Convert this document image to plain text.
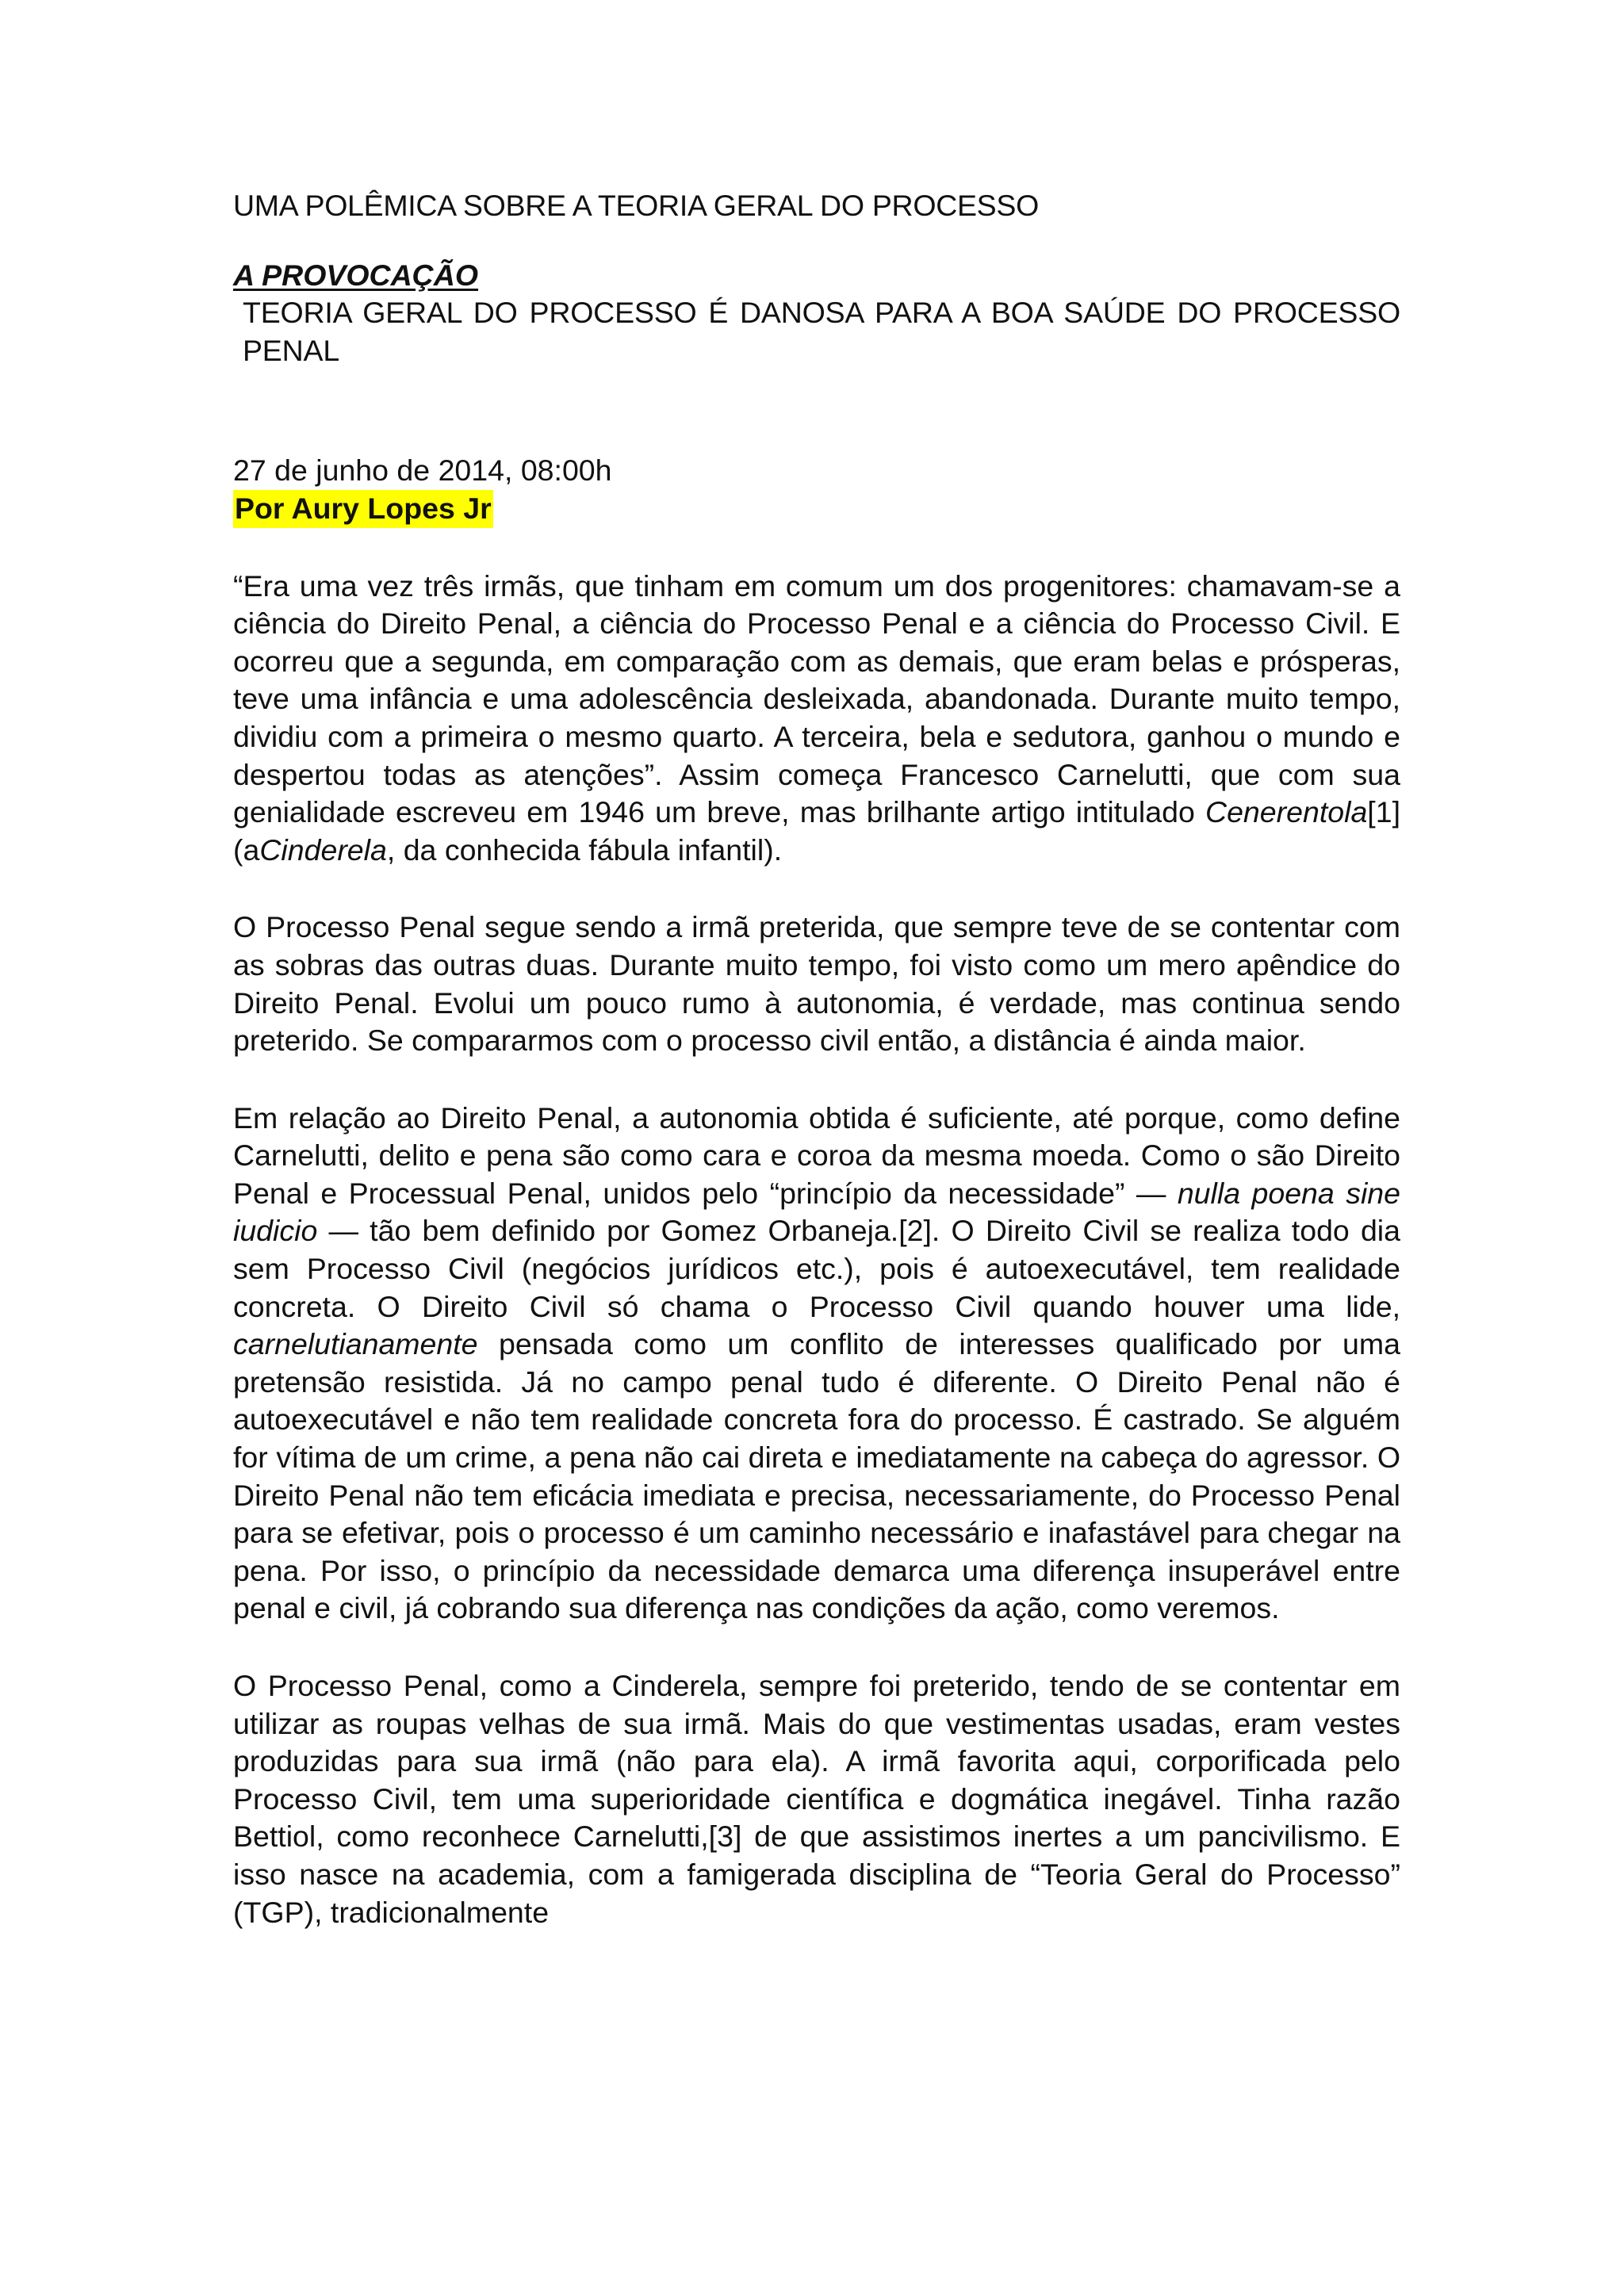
UMA POLÊMICA SOBRE A TEORIA GERAL DO PROCESSO
A PROVOCAÇÃO
TEORIA GERAL DO PROCESSO É DANOSA PARA A BOA SAÚDE DO PROCESSO PENAL
27 de junho de 2014, 08:00h
Por Aury Lopes Jr

“Era uma vez três irmãs, que tinham em comum um dos progenitores: chamavam-se a ciência do Direito Penal, a ciência do Processo Penal e a ciência do Processo Civil. E ocorreu que a segunda, em comparação com as demais, que eram belas e prósperas, teve uma infância e uma adolescência desleixada, abandonada. Durante muito tempo, dividiu com a primeira o mesmo quarto. A terceira, bela e sedutora, ganhou o mundo e despertou todas as atenções”. Assim começa Francesco Carnelutti, que com sua genialidade escreveu em 1946 um breve, mas brilhante artigo intitulado Cenerentola[1] (aCinderela, da conhecida fábula infantil).

O Processo Penal segue sendo a irmã preterida, que sempre teve de se contentar com as sobras das outras duas. Durante muito tempo, foi visto como um mero apêndice do Direito Penal. Evolui um pouco rumo à autonomia, é verdade, mas continua sendo preterido. Se compararmos com o processo civil então, a distância é ainda maior.

Em relação ao Direito Penal, a autonomia obtida é suficiente, até porque, como define Carnelutti, delito e pena são como cara e coroa da mesma moeda. Como o são Direito Penal e Processual Penal, unidos pelo “princípio da necessidade” — nulla poena sine iudicio — tão bem definido por Gomez Orbaneja.[2]. O Direito Civil se realiza todo dia sem Processo Civil (negócios jurídicos etc.), pois é autoexecutável, tem realidade concreta. O Direito Civil só chama o Processo Civil quando houver uma lide, carnelutianamente pensada como um conflito de interesses qualificado por uma pretensão resistida. Já no campo penal tudo é diferente. O Direito Penal não é autoexecutável e não tem realidade concreta fora do processo. É castrado. Se alguém for vítima de um crime, a pena não cai direta e imediatamente na cabeça do agressor. O Direito Penal não tem eficácia imediata e precisa, necessariamente, do Processo Penal para se efetivar, pois o processo é um caminho necessário e inafastável para chegar na pena. Por isso, o princípio da necessidade demarca uma diferença insuperável entre penal e civil, já cobrando sua diferença nas condições da ação, como veremos.

O Processo Penal, como a Cinderela, sempre foi preterido, tendo de se contentar em utilizar as roupas velhas de sua irmã. Mais do que vestimentas usadas, eram vestes produzidas para sua irmã (não para ela). A irmã favorita aqui, corporificada pelo Processo Civil, tem uma superioridade científica e dogmática inegável. Tinha razão Bettiol, como reconhece Carnelutti,[3] de que assistimos inertes a um pancivilismo. E isso nasce na academia, com a famigerada disciplina de “Teoria Geral do Processo” (TGP), tradicionalmente
